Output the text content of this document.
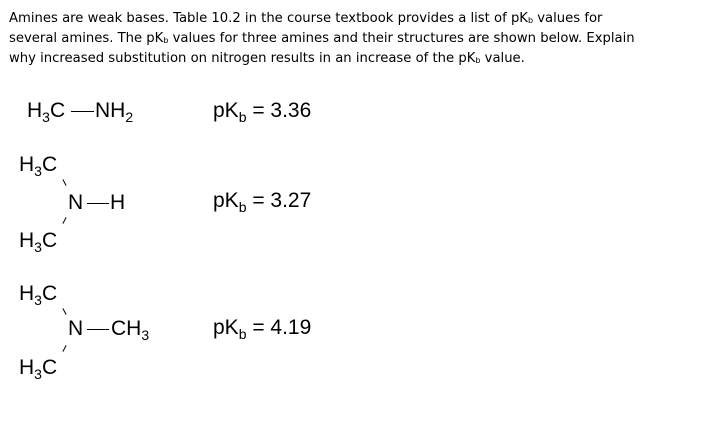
Amines are weak bases. Table 10.2 in the course textbook provides a list of $pK_b$ values for
several amines. The $pK_b$ values for three amines and their structures are shown below. Explain
why increased substitution on nitrogen results in an increase of the $pK_b$ value.
$H_3C$ $NH_2$	$pK_b = 3.36$
$H_3C$
N H
$H_3C$
$pK_b = 3.27$
$H_3C$
N $CH_3$
$H_3C$
$pK_b = 4.19$
